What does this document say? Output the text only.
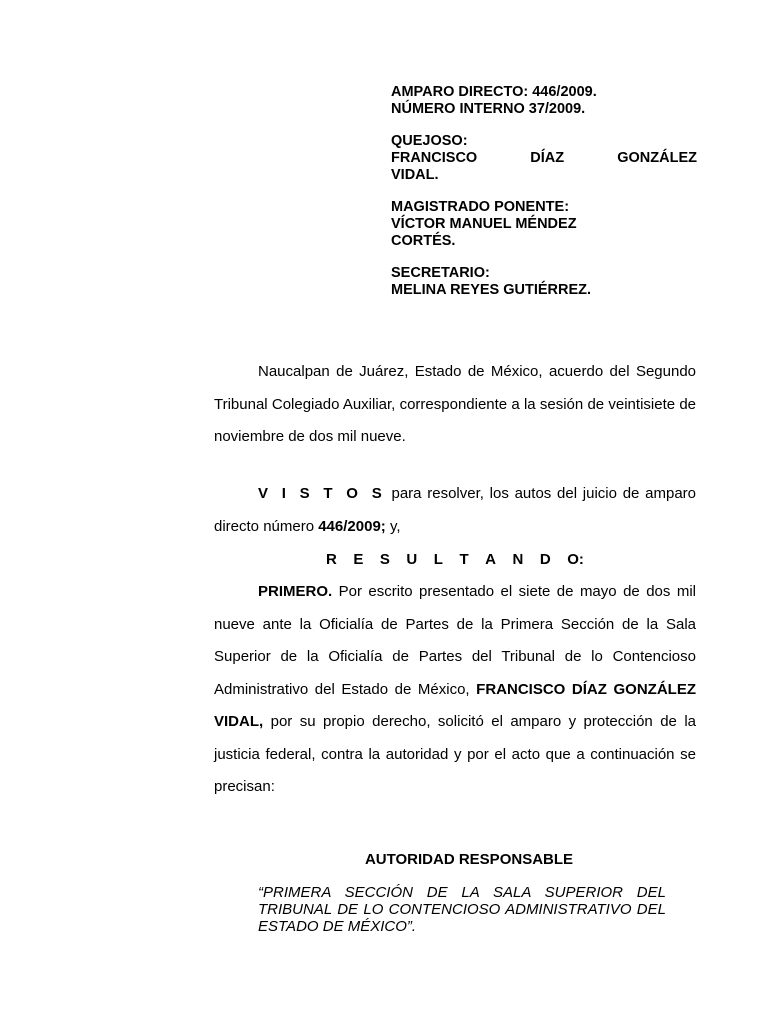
AMPARO DIRECTO: 446/2009.
NÚMERO INTERNO 37/2009.
QUEJOSO:
FRANCISCO DÍAZ GONZÁLEZ
VIDAL.
MAGISTRADO PONENTE:
VÍCTOR MANUEL MÉNDEZ
CORTÉS.
SECRETARIO:
MELINA REYES GUTIÉRREZ.

Naucalpan de Juárez, Estado de México, acuerdo del Segundo Tribunal Colegiado Auxiliar, correspondiente a la sesión de veintisiete de noviembre de dos mil nueve.

V I S T O S para resolver, los autos del juicio de amparo directo número 446/2009; y,

R E S U L T A N D O:

PRIMERO. Por escrito presentado el siete de mayo de dos mil nueve ante la Oficialía de Partes de la Primera Sección de la Sala Superior de la Oficialía de Partes del Tribunal de lo Contencioso Administrativo del Estado de México, FRANCISCO DÍAZ GONZÁLEZ VIDAL, por su propio derecho, solicitó el amparo y protección de la justicia federal, contra la autoridad y por el acto que a continuación se precisan:

AUTORIDAD RESPONSABLE

“PRIMERA SECCIÓN DE LA SALA SUPERIOR DEL TRIBUNAL DE LO CONTENCIOSO ADMINISTRATIVO DEL ESTADO DE MÉXICO”.
